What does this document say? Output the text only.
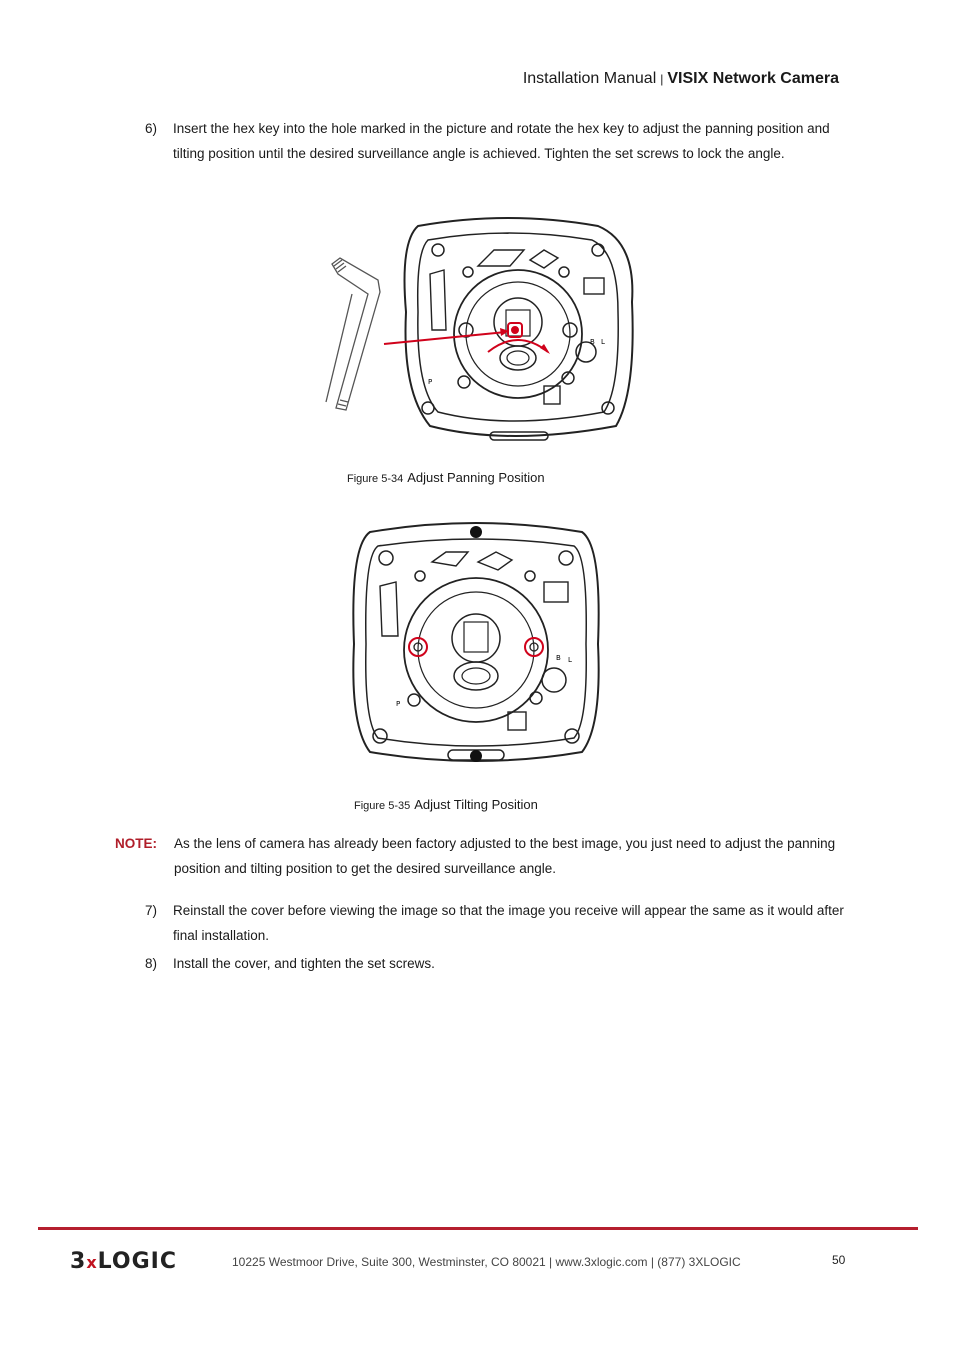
Installation Manual | VISIX Network Camera
6) Insert the hex key into the hole marked in the picture and rotate the hex key to adjust the panning position and tilting position until the desired surveillance angle is achieved. Tighten the set screws to lock the angle.
B L
P
Figure 5-34 Adjust Panning Position
B L
P
Figure 5-35 Adjust Tilting Position
NOTE: As the lens of camera has already been factory adjusted to the best image, you just need to adjust the panning position and tilting position to get the desired surveillance angle.
7) Reinstall the cover before viewing the image so that the image you receive will appear the same as it would after final installation.
8) Install the cover, and tighten the set screws.
3xLOGIC	10225 Westmoor Drive, Suite 300, Westminster, CO 80021 | www.3xlogic.com | (877) 3XLOGIC	50
